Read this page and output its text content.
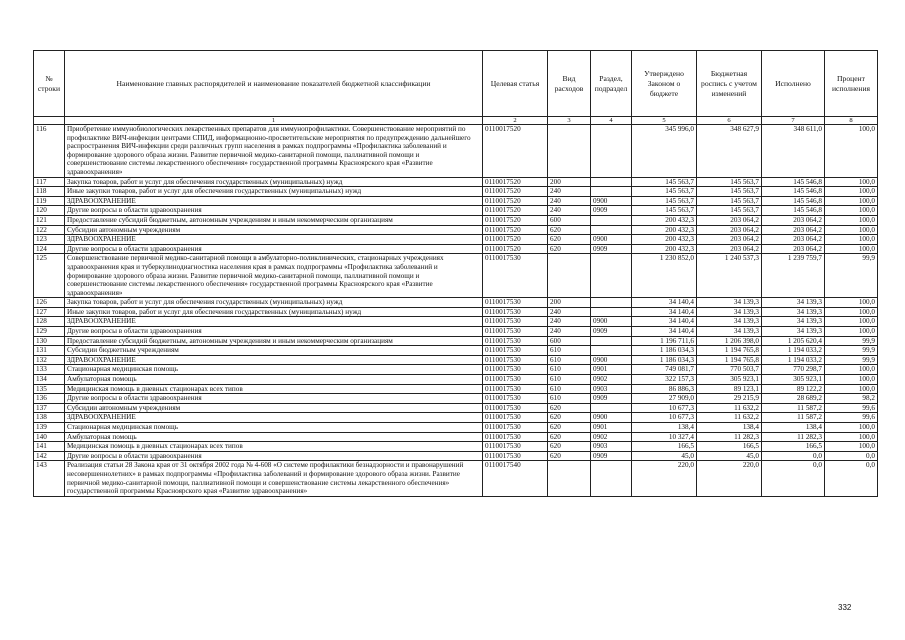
№ строки	Наименование главных распорядителей и наименование показателей бюджетной классификации	Целевая статья	Вид расходов	Раздел, подраздел	Утверждено Законом о бюджете	Бюджетная роспись с учетом изменений	Исполнено	Процент исполнения
	1	2	3	4	5	6	7	8
116	Приобретение иммунобиологических лекарственных препаратов для иммунопрофилактики. Совершенствование мероприятий по профилактике ВИЧ-инфекции центрами СПИД, информационно-просветительские мероприятия по предупреждению дальнейшего распространения ВИЧ-инфекции среди различных групп населения в рамках подпрограммы «Профилактика заболеваний и формирование здорового образа жизни. Развитие первичной медико-санитарной помощи, паллиативной помощи и совершенствование системы лекарственного обеспечения» государственной программы Красноярского края «Развитие здравоохранения»	0110017520			345 996,0	348 627,9	348 611,0	100,0
117	Закупка товаров, работ и услуг для обеспечения государственных (муниципальных) нужд	0110017520	200		145 563,7	145 563,7	145 546,8	100,0
118	Иные закупки товаров, работ и услуг для обеспечения государственных (муниципальных) нужд	0110017520	240		145 563,7	145 563,7	145 546,8	100,0
119	ЗДРАВООХРАНЕНИЕ	0110017520	240	0900	145 563,7	145 563,7	145 546,8	100,0
120	Другие вопросы в области здравоохранения	0110017520	240	0909	145 563,7	145 563,7	145 546,8	100,0
121	Предоставление субсидий бюджетным, автономным учреждениям и иным некоммерческим организациям	0110017520	600		200 432,3	203 064,2	203 064,2	100,0
122	Субсидии автономным учреждениям	0110017520	620		200 432,3	203 064,2	203 064,2	100,0
123	ЗДРАВООХРАНЕНИЕ	0110017520	620	0900	200 432,3	203 064,2	203 064,2	100,0
124	Другие вопросы в области здравоохранения	0110017520	620	0909	200 432,3	203 064,2	203 064,2	100,0
125	Совершенствование первичной медико-санитарной помощи в амбулаторно-поликлинических, стационарных учреждениях здравоохранения края и туберкулинодиагностика населения края в рамках подпрограммы «Профилактика заболеваний и формирование здорового образа жизни. Развитие первичной медико-санитарной помощи, паллиативной помощи и совершенствование системы лекарственного обеспечения» государственной программы Красноярского края «Развитие здравоохранения»	0110017530			1 230 852,0	1 240 537,3	1 239 759,7	99,9
126	Закупка товаров, работ и услуг для обеспечения государственных (муниципальных) нужд	0110017530	200		34 140,4	34 139,3	34 139,3	100,0
127	Иные закупки товаров, работ и услуг для обеспечения государственных (муниципальных) нужд	0110017530	240		34 140,4	34 139,3	34 139,3	100,0
128	ЗДРАВООХРАНЕНИЕ	0110017530	240	0900	34 140,4	34 139,3	34 139,3	100,0
129	Другие вопросы в области здравоохранения	0110017530	240	0909	34 140,4	34 139,3	34 139,3	100,0
130	Предоставление субсидий бюджетным, автономным учреждениям и иным некоммерческим организациям	0110017530	600		1 196 711,6	1 206 398,0	1 205 620,4	99,9
131	Субсидии бюджетным учреждениям	0110017530	610		1 186 034,3	1 194 765,8	1 194 033,2	99,9
132	ЗДРАВООХРАНЕНИЕ	0110017530	610	0900	1 186 034,3	1 194 765,8	1 194 033,2	99,9
133	Стационарная медицинская помощь	0110017530	610	0901	749 081,7	770 503,7	770 298,7	100,0
134	Амбулаторная помощь	0110017530	610	0902	322 157,3	305 923,1	305 923,1	100,0
135	Медицинская помощь в дневных стационарах всех типов	0110017530	610	0903	86 886,3	89 123,1	89 122,2	100,0
136	Другие вопросы в области здравоохранения	0110017530	610	0909	27 909,0	29 215,9	28 689,2	98,2
137	Субсидии автономным учреждениям	0110017530	620		10 677,3	11 632,2	11 587,2	99,6
138	ЗДРАВООХРАНЕНИЕ	0110017530	620	0900	10 677,3	11 632,2	11 587,2	99,6
139	Стационарная медицинская помощь	0110017530	620	0901	138,4	138,4	138,4	100,0
140	Амбулаторная помощь	0110017530	620	0902	10 327,4	11 282,3	11 282,3	100,0
141	Медицинская помощь в дневных стационарах всех типов	0110017530	620	0903	166,5	166,5	166,5	100,0
142	Другие вопросы в области здравоохранения	0110017530	620	0909	45,0	45,0	0,0	0,0
143	Реализация статьи 28 Закона края от 31 октября 2002 года № 4-608 «О системе профилактики безнадзорности и правонарушений несовершеннолетних» в рамках подпрограммы «Профилактика заболеваний и формирование здорового образа жизни. Развитие первичной медико-санитарной помощи, паллиативной помощи и совершенствование системы лекарственного обеспечения» государственной программы Красноярского края «Развитие здравоохранения»	0110017540			220,0	220,0	0,0	0,0
332
